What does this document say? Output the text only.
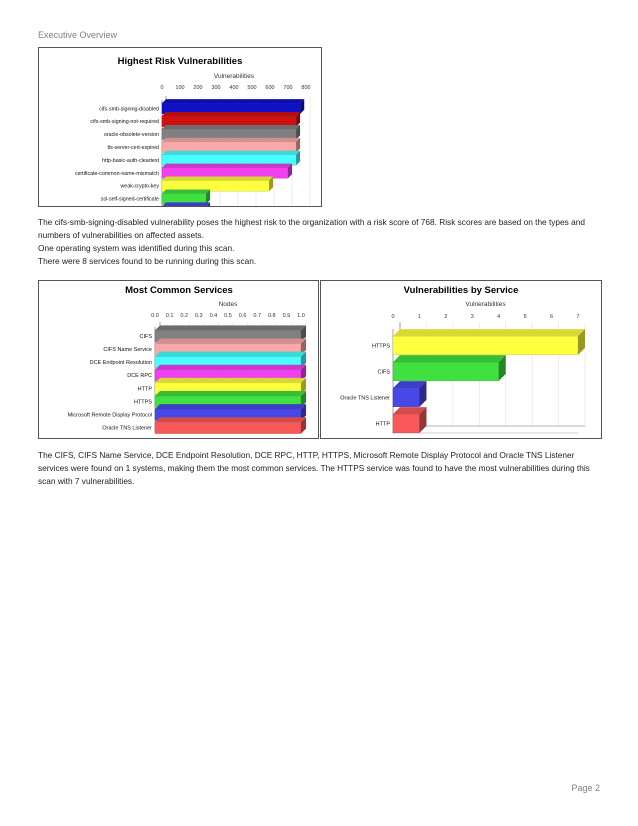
Executive Overview
Highest Risk Vulnerabilities
Vulnerabilities
0 100 200 300 400 500 600 700 800
cifs-smb-signing-disabled
cifs-smb-signing-not-required
oracle-obsolete-version
tls-server-cert-expired
http-basic-auth-cleartext
certificate-common-name-mismatch
weak-crypto-key
ssl-self-signed-certificate

The cifs-smb-signing-disabled vulnerability poses the highest risk to the organization with a risk score of 768. Risk scores are based on the types and numbers of vulnerabilities on affected assets.

One operating system was identified during this scan.

There were 8 services found to be running during this scan.

Most Common Services
Nodes
0.0 0.1 0.2 0.3 0.4 0.5 0.6 0.7 0.8 0.9 1.0
CIFS
CIFS Name Service
DCE Endpoint Resolution
DCE RPC
HTTP
HTTPS
Microsoft Remote Display Protocol
Oracle TNS Listener
Vulnerabilities by Service
Vulnerabilities
0	1	2	3	4	5	6	7
HTTPS
CIFS
Oracle TNS Listener
HTTP

The CIFS, CIFS Name Service, DCE Endpoint Resolution, DCE RPC, HTTP, HTTPS, Microsoft Remote Display Protocol and Oracle TNS Listener services were found on 1 systems, making them the most common services. The HTTPS service was found to have the most vulnerabilities during this scan with 7 vulnerabilities.

Page 2
